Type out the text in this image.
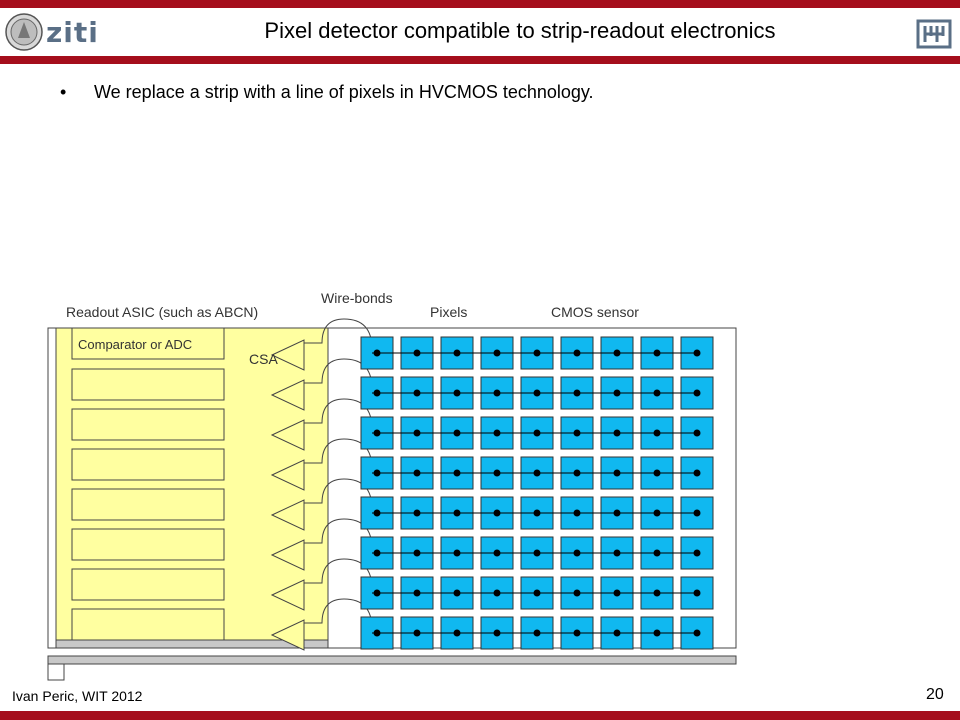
ziti	Pixel detector compatible to strip-readout electronics
• We replace a strip with a line of pixels in HVCMOS technology.
Readout ASIC (such as ABCN)
Wire-bonds
Pixels	CMOS sensor
Comparator or ADC
CSA
Ivan Peric, WIT 2012	20
